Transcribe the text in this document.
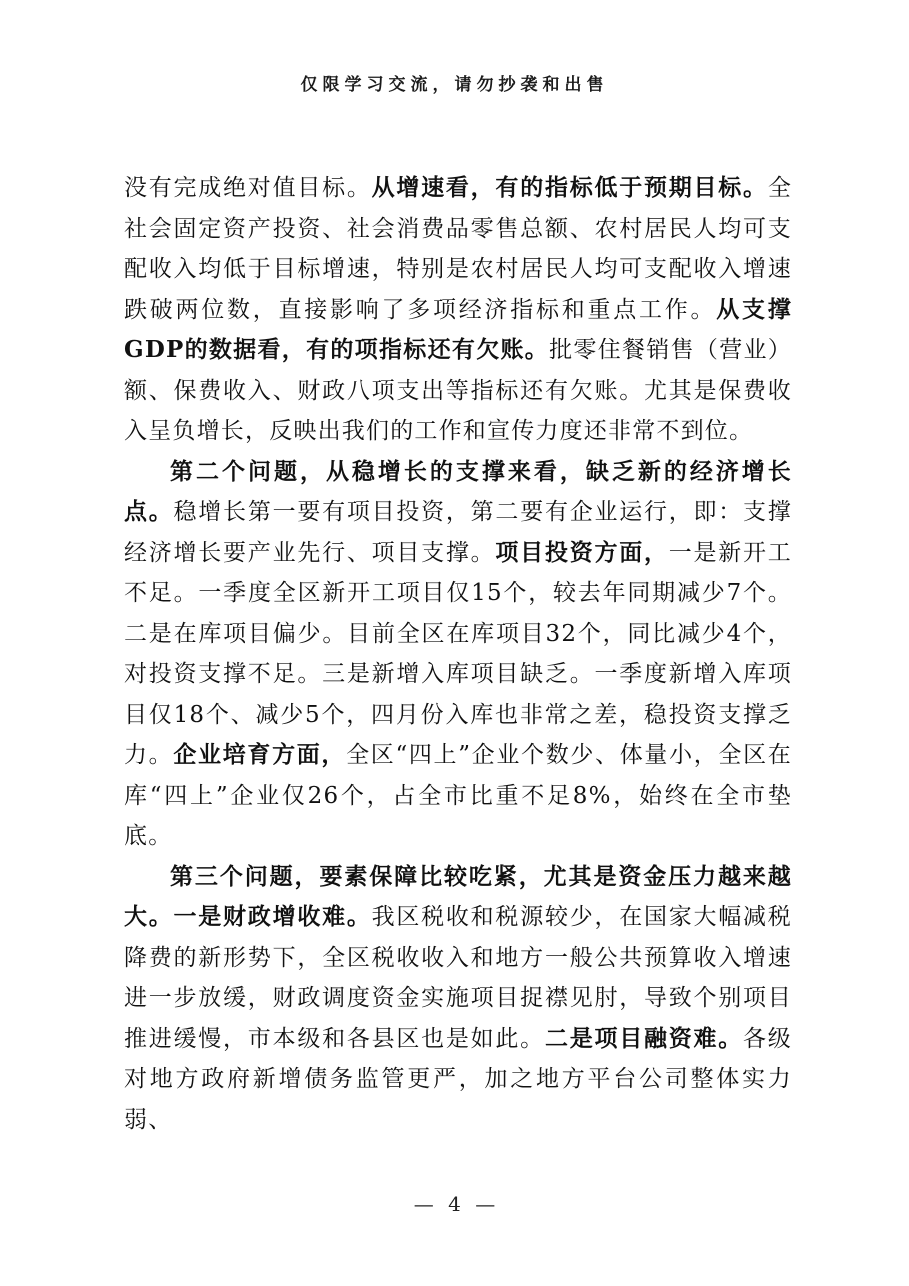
仅限学习交流，请勿抄袭和出售

没有完成绝对值目标。从增速看，有的指标低于预期目标。全社会固定资产投资、社会消费品零售总额、农村居民人均可支配收入均低于目标增速，特别是农村居民人均可支配收入增速跌破两位数，直接影响了多项经济指标和重点工作。从支撑GDP的数据看，有的项指标还有欠账。批零住餐销售（营业）额、保费收入、财政八项支出等指标还有欠账。尤其是保费收入呈负增长，反映出我们的工作和宣传力度还非常不到位。

第二个问题，从稳增长的支撑来看，缺乏新的经济增长点。稳增长第一要有项目投资，第二要有企业运行，即：支撑经济增长要产业先行、项目支撑。项目投资方面，一是新开工不足。一季度全区新开工项目仅15个，较去年同期减少7个。二是在库项目偏少。目前全区在库项目32个，同比减少4个，对投资支撑不足。三是新增入库项目缺乏。一季度新增入库项目仅18个、减少5个，四月份入库也非常之差，稳投资支撑乏力。企业培育方面，全区“四上”企业个数少、体量小，全区在库“四上”企业仅26个，占全市比重不足8%，始终在全市垫底。

第三个问题，要素保障比较吃紧，尤其是资金压力越来越大。一是财政增收难。我区税收和税源较少，在国家大幅减税降费的新形势下，全区税收收入和地方一般公共预算收入增速进一步放缓，财政调度资金实施项目捉襟见肘，导致个别项目推进缓慢，市本级和各县区也是如此。二是项目融资难。各级对地方政府新增债务监管更严，加之地方平台公司整体实力弱、

— 4 —
